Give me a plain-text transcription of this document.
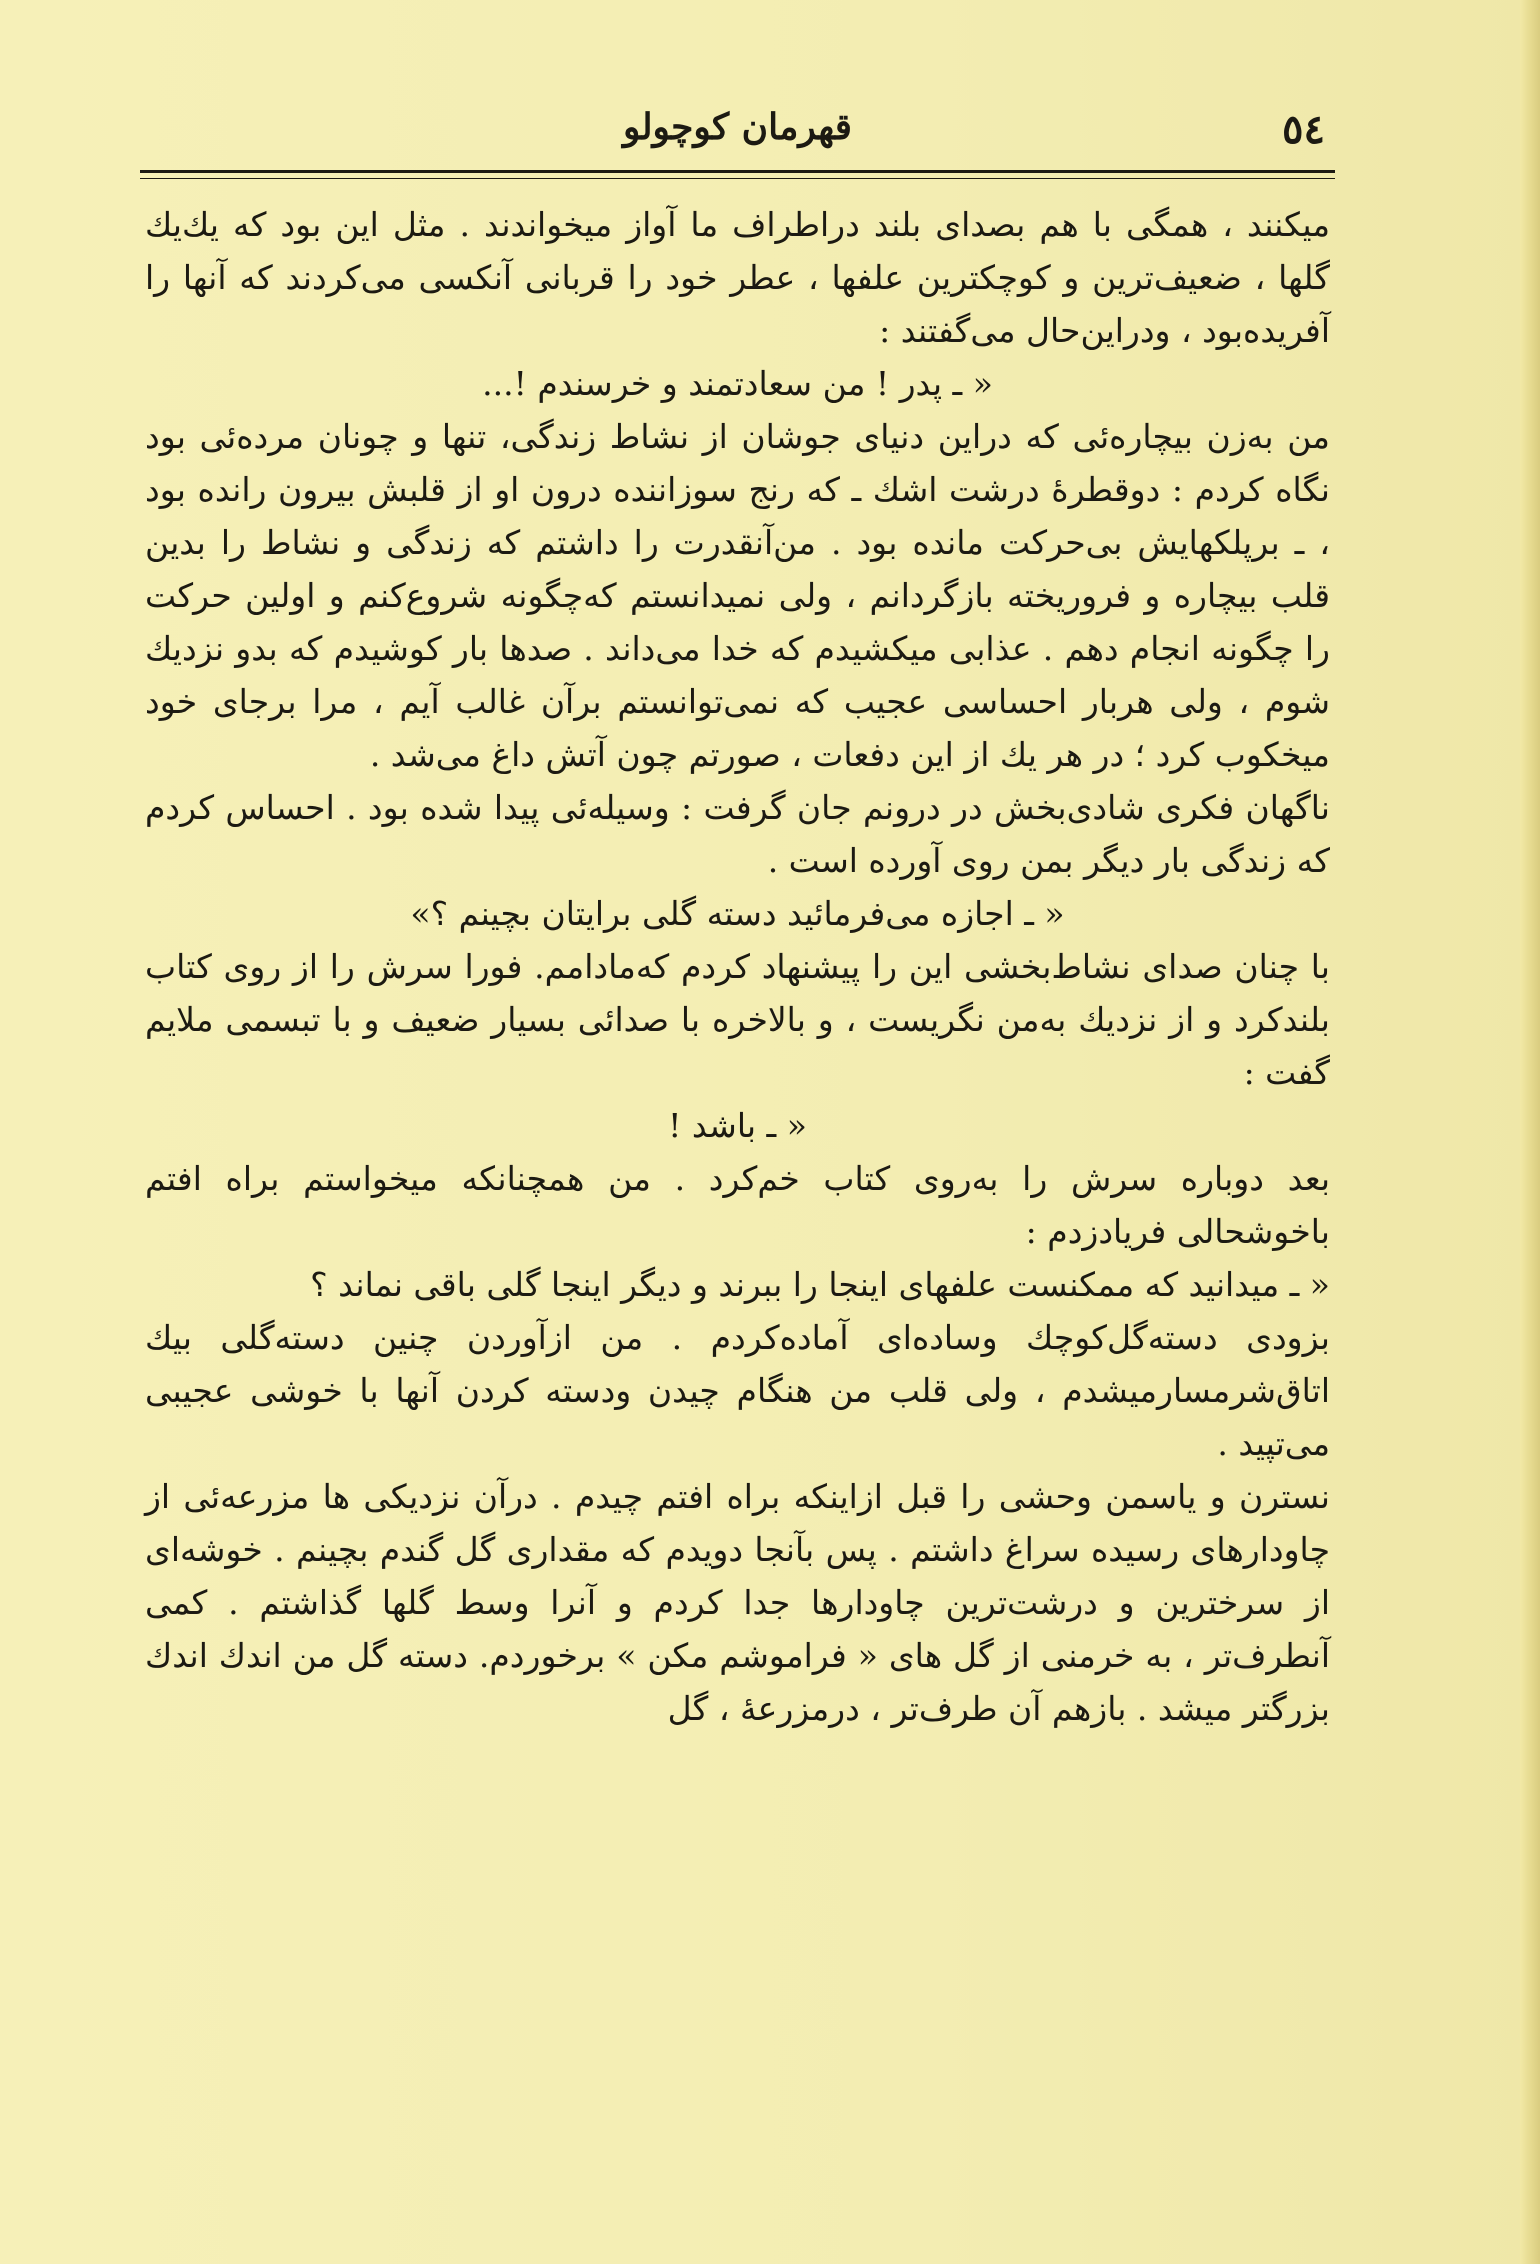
٥٤
قهرمان کوچولو

میکنند ، همگی با هم بصدای بلند دراطراف ما آواز میخواندند . مثل این بود که یك‌یك گلها ، ضعیف‌ترین و کوچکترین علفها ، عطر خود را قربانی آنکسی می‌کردند که آنها را آفریده‌بود ، ودراین‌حال می‌گفتند :

« ـ پدر ! من سعادتمند و خرسندم !...

من به‌زن بیچاره‌ئی که دراین دنیای جوشان از نشاط زندگی، تنها و چونان مرده‌ئی بود نگاه کردم : دوقطرهٔ درشت اشك ـ که رنج سوزاننده درون او از قلبش بیرون رانده بود ، ـ برپلکهایش بی‌حرکت مانده بود . من‌آنقدرت را داشتم که زندگی و نشاط را بدین قلب بیچاره و فروریخته بازگردانم ، ولی نمیدانستم که‌چگونه شروع‌کنم و اولین حرکت را چگونه انجام دهم . عذابی میکشیدم که خدا می‌داند . صدها بار کوشیدم که بدو نزدیك شوم ، ولی هربار احساسی عجیب که نمی‌توانستم برآن غالب آیم ، مرا برجای خود میخکوب کرد ؛ در هر یك از این دفعات ، صورتم چون آتش داغ می‌شد .

ناگهان فکری شادی‌بخش در درونم جان گرفت : وسیله‌ئی پیدا شده بود . احساس کردم که زندگی بار دیگر بمن روی آورده است .

« ـ اجازه می‌فرمائید دسته گلی برایتان بچینم ؟»

با چنان صدای نشاط‌بخشی این را پیشنهاد کردم که‌مادامم. فورا سرش را از روی کتاب بلندکرد و از نزدیك به‌من نگریست ، و بالاخره با صدائی بسیار ضعیف و با تبسمی ملایم گفت :

« ـ باشد !

بعد دوباره سرش را به‌روی کتاب خم‌کرد . من همچنانکه میخواستم براه افتم باخوشحالی فریادزدم :

« ـ میدانید که ممکنست علفهای اینجا را ببرند و دیگر اینجا گلی باقی نماند ؟

بزودی دسته‌گل‌کوچك وساده‌ای آماده‌کردم . من ازآوردن چنین دسته‌گلی بیك اتاق‌شرمسارمیشدم ، ولی قلب من هنگام چیدن ودسته کردن آنها با خوشی عجیبی می‌تپید .

نسترن و یاسمن وحشی را قبل ازاینکه براه افتم چیدم . درآن نزدیکی ها مزرعه‌ئی از چاودارهای رسیده سراغ داشتم . پس بآنجا دویدم که مقداری گل گندم بچینم . خوشه‌ای از سرخترین و درشت‌ترین چاودارها جدا کردم و آنرا وسط گلها گذاشتم . کمی آنطرف‌تر ، به خرمنی از گل های « فراموشم مکن » برخوردم. دسته گل من اندك اندك بزرگتر میشد . بازهم آن طرف‌تر ، درمزرعهٔ ، گل
